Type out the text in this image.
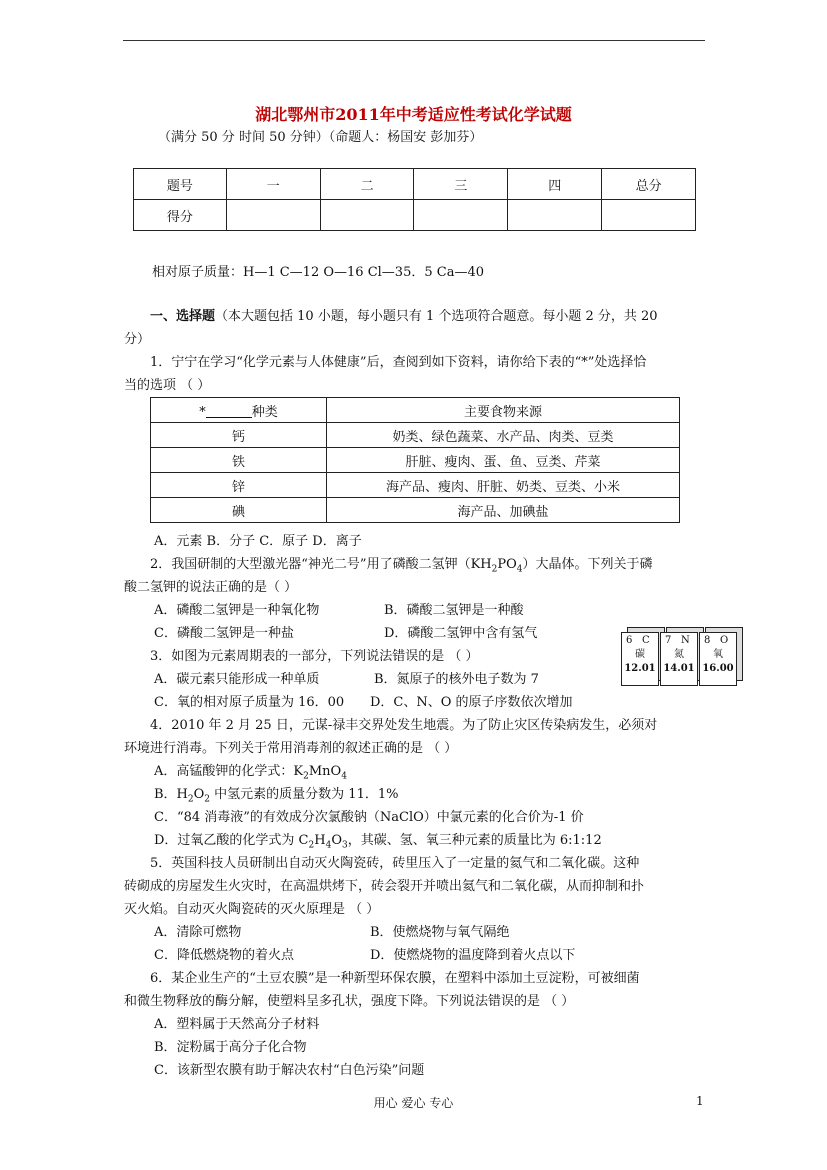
湖北鄂州市2011年中考适应性考试化学试题
（满分 50 分 时间 50 分钟）（命题人：杨国安 彭加芬）
题号	一	二	三	四	总分
得分					
相对原子质量：H—1 C—12 O—16 Cl—35．5 Ca—40
一、选择题（本大题包括 10 小题，每小题只有 1 个选项符合题意。每小题 2 分，共 20
分）
1．宁宁在学习“化学元素与人体健康”后，查阅到如下资料，请你给下表的“*”处选择恰
当的选项 （ ）
* 种类	主要食物来源
钙	奶类、绿色蔬菜、水产品、肉类、豆类
铁	肝脏、瘦肉、蛋、鱼、豆类、芹菜
锌	海产品、瘦肉、肝脏、奶类、豆类、小米
碘	海产品、加碘盐
A．元素 B．分子 C．原子 D．离子
2．我国研制的大型激光器“神光二号”用了磷酸二氢钾$(KH_2PO_4)$大晶体。下列关于磷
酸二氢钾的说法正确的是（ ）
A．磷酸二氢钾是一种氧化物	B．磷酸二氢钾是一种酸
C．磷酸二氢钾是一种盐	D．磷酸二氢钾中含有氢气
3．如图为元素周期表的一部分，下列说法错误的是 （ ）
A．碳元素只能形成一种单质	B．氮原子的核外电子数为 7
C．氧的相对原子质量为 16．00 D．C、N、O 的原子序数依次增加
6 C
碳
12.01
7 N
氮
14.01
8 O
氧
16.00
4．2010 年 2 月 25 日，元谋-禄丰交界处发生地震。为了防止灾区传染病发生，必须对
环境进行消毒。下列关于常用消毒剂的叙述正确的是 （ ）
A．高锰酸钾的化学式：$K_2MnO_4$
B．$H_2O_2$ 中氢元素的质量分数为 11．1%
C．“84 消毒液”的有效成分次氯酸钠（NaClO）中氯元素的化合价为-1 价
D．过氧乙酸的化学式为 $C_2H_4O_3$，其碳、氢、氧三种元素的质量比为 6:1:12
5．英国科技人员研制出自动灭火陶瓷砖，砖里压入了一定量的氦气和二氧化碳。这种
砖砌成的房屋发生火灾时，在高温烘烤下，砖会裂开并喷出氦气和二氧化碳，从而抑制和扑
灭火焰。自动灭火陶瓷砖的灭火原理是 （ ）
A．清除可燃物	B．使燃烧物与氧气隔绝
C．降低燃烧物的着火点	D．使燃烧物的温度降到着火点以下
6．某企业生产的“土豆农膜”是一种新型环保农膜，在塑料中添加土豆淀粉，可被细菌
和微生物释放的酶分解，使塑料呈多孔状，强度下降。下列说法错误的是 （ ）
A．塑料属于天然高分子材料
B．淀粉属于高分子化合物
C．该新型农膜有助于解决农村“白色污染”问题
用心 爱心 专心	1
